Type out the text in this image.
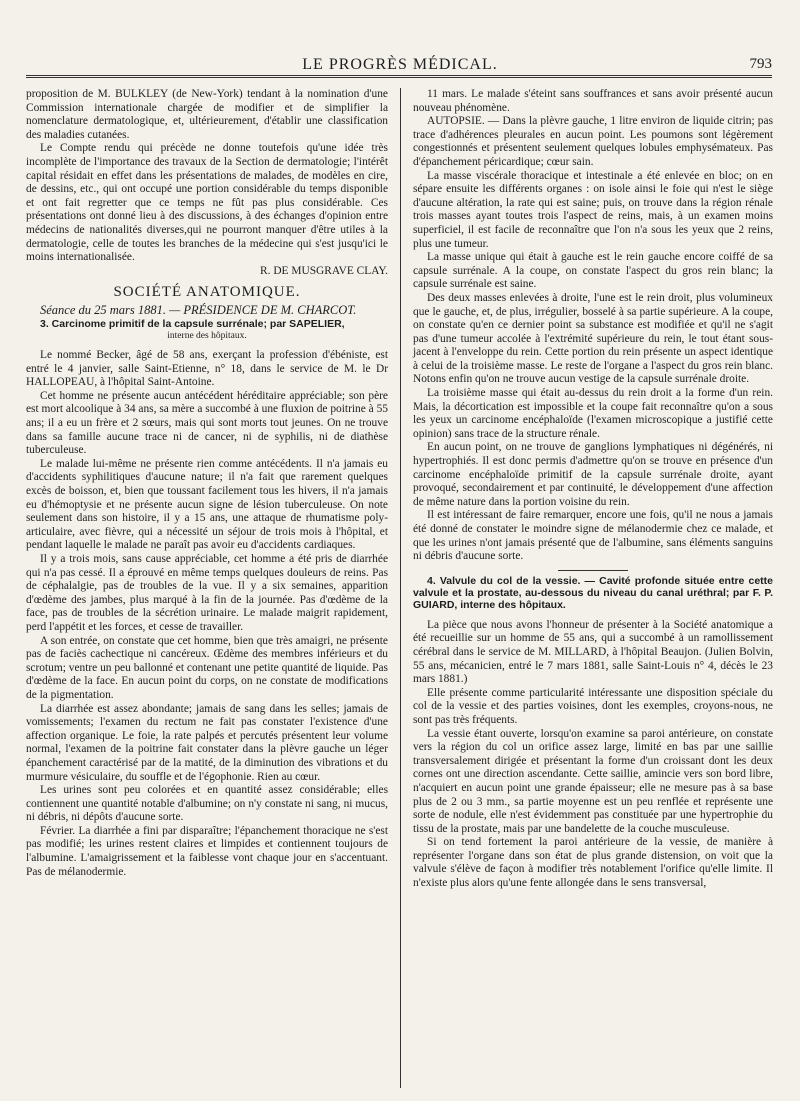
LE PROGRÈS MÉDICAL.	793

proposition de M. BULKLEY (de New-York) tendant à la nomination d'une Commission internationale chargée de modifier et de simplifier la nomenclature dermatologique, et, ultérieurement, d'établir une classification des maladies cutanées.

Le Compte rendu qui précède ne donne toutefois qu'une idée très incomplète de l'importance des travaux de la Section de dermatologie; l'intérêt capital résidait en effet dans les présentations de malades, de modèles en cire, de dessins, etc., qui ont occupé une portion considérable du temps disponible et ont fait regretter que ce temps ne fût pas plus considérable. Ces présentations ont donné lieu à des discussions, à des échanges d'opinion entre médecins de nationalités diverses,qui ne pourront manquer d'être utiles à la dermatologie, celle de toutes les branches de la médecine qui s'est jusqu'ici le moins internationalisée.

R. DE MUSGRAVE CLAY.
SOCIÉTÉ ANATOMIQUE.

Séance du 25 mars 1881. — PRÉSIDENCE DE M. CHARCOT.

3. Carcinome primitif de la capsule surrénale; par SAPELIER,

interne des hôpitaux.

Le nommé Becker, âgé de 58 ans, exerçant la profession d'ébéniste, est entré le 4 janvier, salle Saint-Etienne, n° 18, dans le service de M. le Dr HALLOPEAU, à l'hôpital Saint-Antoine.

Cet homme ne présente aucun antécédent héréditaire appréciable; son père est mort alcoolique à 34 ans, sa mère a succombé à une fluxion de poitrine à 55 ans; il a eu un frère et 2 sœurs, mais qui sont morts tout jeunes. On ne trouve dans sa famille aucune trace ni de cancer, ni de syphilis, ni de diathèse tuberculeuse.

Le malade lui-même ne présente rien comme antécédents. Il n'a jamais eu d'accidents syphilitiques d'aucune nature; il n'a fait que rarement quelques excès de boisson, et, bien que toussant facilement tous les hivers, il n'a jamais eu d'hémoptysie et ne présente aucun signe de lésion tuberculeuse. On note seulement dans son histoire, il y a 15 ans, une attaque de rhumatisme poly-articulaire, avec fièvre, qui a nécessité un séjour de trois mois à l'hôpital, et pendant laquelle le malade ne paraît pas avoir eu d'accidents cardiaques.

Il y a trois mois, sans cause appréciable, cet homme a été pris de diarrhée qui n'a pas cessé. Il a éprouvé en même temps quelques douleurs de reins. Pas de céphalalgie, pas de troubles de la vue. Il y a six semaines, apparition d'œdème des jambes, plus marqué à la fin de la journée. Pas d'œdème de la face, pas de troubles de la sécrétion urinaire. Le malade maigrit rapidement, perd l'appétit et les forces, et cesse de travailler.

A son entrée, on constate que cet homme, bien que très amaigri, ne présente pas de faciès cachectique ni cancéreux. Œdème des membres inférieurs et du scrotum; ventre un peu ballonné et contenant une petite quantité de liquide. Pas d'œdème de la face. En aucun point du corps, on ne constate de modifications de la pigmentation.

La diarrhée est assez abondante; jamais de sang dans les selles; jamais de vomissements; l'examen du rectum ne fait pas constater l'existence d'une affection organique. Le foie, la rate palpés et percutés présentent leur volume normal, l'examen de la poitrine fait constater dans la plèvre gauche un léger épanchement caractérisé par de la matité, de la diminution des vibrations et du murmure vésiculaire, du souffle et de l'égophonie. Rien au cœur.

Les urines sont peu colorées et en quantité assez considérable; elles contiennent une quantité notable d'albumine; on n'y constate ni sang, ni mucus, ni débris, ni dépôts d'aucune sorte.

Février. La diarrhée a fini par disparaître; l'épanchement thoracique ne s'est pas modifié; les urines restent claires et limpides et contiennent toujours de l'albumine. L'amaigrissement et la faiblesse vont chaque jour en s'accentuant. Pas de mélanodermie.

11 mars. Le malade s'éteint sans souffrances et sans avoir présenté aucun nouveau phénomène.

AUTOPSIE. — Dans la plèvre gauche, 1 litre environ de liquide citrin; pas trace d'adhérences pleurales en aucun point. Les poumons sont légèrement congestionnés et présentent seulement quelques lobules emphysémateux. Pas d'épanchement péricardique; cœur sain.

La masse viscérale thoracique et intestinale a été enlevée en bloc; on en sépare ensuite les différents organes : on isole ainsi le foie qui n'est le siège d'aucune altération, la rate qui est saine; puis, on trouve dans la région rénale trois masses ayant toutes trois l'aspect de reins, mais, à un examen moins superficiel, il est facile de reconnaître que l'on n'a sous les yeux que 2 reins, plus une tumeur.

La masse unique qui était à gauche est le rein gauche encore coiffé de sa capsule surrénale. A la coupe, on constate l'aspect du gros rein blanc; la capsule surrénale est saine.

Des deux masses enlevées à droite, l'une est le rein droit, plus volumineux que le gauche, et, de plus, irrégulier, bosselé à sa partie supérieure. A la coupe, on constate qu'en ce dernier point sa substance est modifiée et qu'il ne s'agit pas d'une tumeur accolée à l'extrémité supérieure du rein, le tout étant sous-jacent à l'enveloppe du rein. Cette portion du rein présente un aspect identique à celui de la troisième masse. Le reste de l'organe a l'aspect du gros rein blanc. Notons enfin qu'on ne trouve aucun vestige de la capsule surrénale droite.

La troisième masse qui était au-dessus du rein droit a la forme d'un rein. Mais, la décortication est impossible et la coupe fait reconnaître qu'on a sous les yeux un carcinome encéphaloïde (l'examen microscopique a justifié cette opinion) sans trace de la structure rénale.

En aucun point, on ne trouve de ganglions lymphatiques ni dégénérés, ni hypertrophiés. Il est donc permis d'admettre qu'on se trouve en présence d'un carcinome encéphaloïde primitif de la capsule surrénale droite, ayant provoqué, secondairement et par continuité, le développement d'une affection de même nature dans la portion voisine du rein.

Il est intéressant de faire remarquer, encore une fois, qu'il ne nous a jamais été donné de constater le moindre signe de mélanodermie chez ce malade, et que les urines n'ont jamais présenté que de l'albumine, sans éléments sanguins ni débris d'aucune sorte.

4. Valvule du col de la vessie. — Cavité profonde située entre cette valvule et la prostate, au-dessous du niveau du canal uréthral; par F. P. GUIARD, interne des hôpitaux.

La pièce que nous avons l'honneur de présenter à la Société anatomique a été recueillie sur un homme de 55 ans, qui a succombé à un ramollissement cérébral dans le service de M. MILLARD, à l'hôpital Beaujon. (Julien Bolvin, 55 ans, mécanicien, entré le 7 mars 1881, salle Saint-Louis n° 4, décès le 23 mars 1881.)

Elle présente comme particularité intéressante une disposition spéciale du col de la vessie et des parties voisines, dont les exemples, croyons-nous, ne sont pas très fréquents.

La vessie étant ouverte, lorsqu'on examine sa paroi antérieure, on constate vers la région du col un orifice assez large, limité en bas par une saillie transversalement dirigée et présentant la forme d'un croissant dont les deux cornes ont une direction ascendante. Cette saillie, amincie vers son bord libre, n'acquiert en aucun point une grande épaisseur; elle ne mesure pas à sa base plus de 2 ou 3 mm., sa partie moyenne est un peu renflée et représente une sorte de nodule, elle n'est évidemment pas constituée par une hypertrophie du tissu de la prostate, mais par une bandelette de la couche musculeuse.

Si on tend fortement la paroi antérieure de la vessie, de manière à représenter l'organe dans son état de plus grande distension, on voit que la valvule s'élève de façon à modifier très notablement l'orifice qu'elle limite. Il n'existe plus alors qu'une fente allongée dans le sens transversal,
